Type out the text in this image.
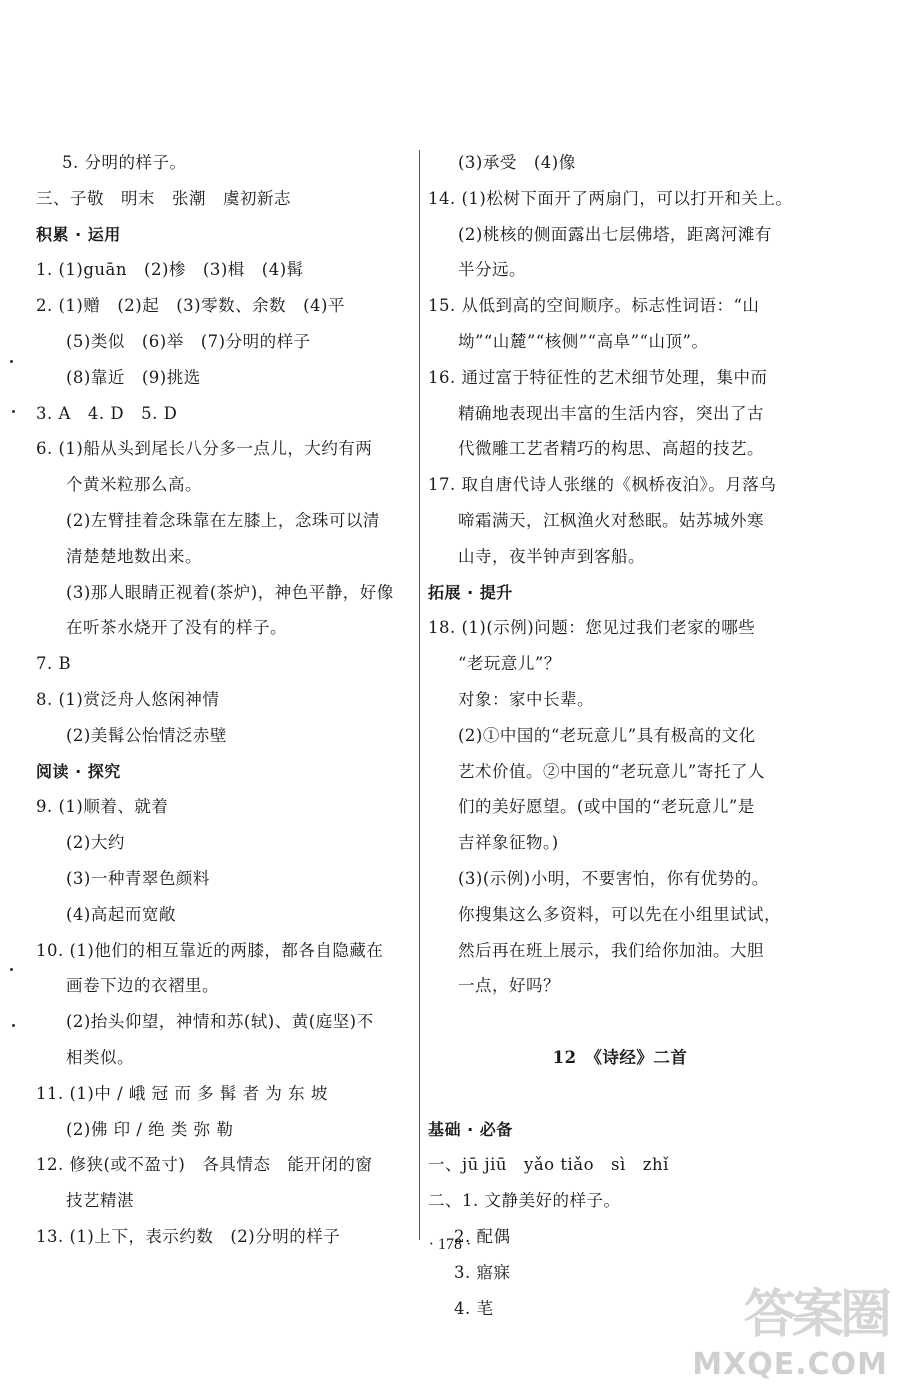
5. 分明的样子。
三、子敬　明末　张潮　虞初新志
积累 · 运用
1. (1)guān　(2)椮　(3)楫　(4)髯
2. (1)赠　(2)起　(3)零数、余数　(4)平
(5)类似　(6)举　(7)分明的样子
(8)靠近　(9)挑选
3. A　4. D　5. D
6. (1)船从头到尾长八分多一点儿，大约有两
个黄米粒那么高。
(2)左臂挂着念珠靠在左膝上，念珠可以清
清楚楚地数出来。
(3)那人眼睛正视着(茶炉)，神色平静，好像
在听茶水烧开了没有的样子。
7. B
8. (1)赏泛舟人悠闲神情
(2)美髯公怡情泛赤壁
阅读 · 探究
9. (1)顺着、就着
(2)大约
(3)一种青翠色颜料
(4)高起而宽敞
10. (1)他们的相互靠近的两膝，都各自隐藏在
画卷下边的衣褶里。
(2)抬头仰望，神情和苏(轼)、黄(庭坚)不
相类似。
11. (1)中 / 峨 冠 而 多 髯 者 为 东 坡
(2)佛 印 / 绝 类 弥 勒
12. 修狭(或不盈寸)　各具情态　能开闭的窗
技艺精湛
13. (1)上下，表示约数　(2)分明的样子
(3)承受　(4)像
14. (1)松树下面开了两扇门，可以打开和关上。
(2)桃核的侧面露出七层佛塔，距离河滩有
半分远。
15. 从低到高的空间顺序。标志性词语：“山
坳”“山麓”“核侧”“高阜”“山顶”。
16. 通过富于特征性的艺术细节处理，集中而
精确地表现出丰富的生活内容，突出了古
代微雕工艺者精巧的构思、高超的技艺。
17. 取自唐代诗人张继的《枫桥夜泊》。月落乌
啼霜满天，江枫渔火对愁眠。姑苏城外寒
山寺，夜半钟声到客船。
拓展 · 提升
18. (1)(示例)问题：您见过我们老家的哪些
“老玩意儿”？
对象：家中长辈。
(2)①中国的“老玩意儿”具有极高的文化
艺术价值。②中国的“老玩意儿”寄托了人
们的美好愿望。(或中国的“老玩意儿”是
吉祥象征物。)
(3)(示例)小明，不要害怕，你有优势的。
你搜集这么多资料，可以先在小组里试试，
然后再在班上展示，我们给你加油。大胆
一点，好吗？
12　《诗经》二首
基础 · 必备
一、jū jiū　yǎo tiǎo　sì　zhǐ
二、1. 文静美好的样子。
2. 配偶
3. 寤寐
4. 芼
· 178 ·
答案圈
MXQE.COM
